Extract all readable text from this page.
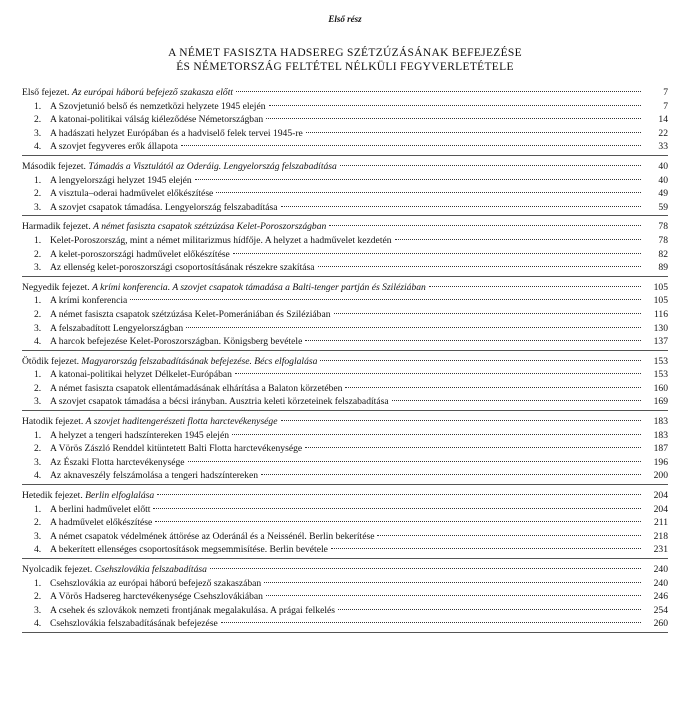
Első rész
A NÉMET FASISZTA HADSEREG SZÉTZÚZÁSÁNAK BEFEJEZÉSE
ÉS NÉMETORSZÁG FELTÉTEL NÉLKÜLI FEGYVERLETÉTELE
Első fejezet. Az európai háború befejező szakasza előtt	7
1. A Szovjetunió belső és nemzetközi helyzete 1945 elején	7
2. A katonai-politikai válság kiéleződése Németországban	14
3. A hadászati helyzet Európában és a hadviselő felek tervei 1945-re	22
4. A szovjet fegyveres erők állapota	33
Második fejezet. Támadás a Visztulától az Oderáig. Lengyelország felszabadítása	40
1. A lengyelországi helyzet 1945 elején	40
2. A visztula–oderai hadművelet előkészítése	49
3. A szovjet csapatok támadása. Lengyelország felszabadítása	59
Harmadik fejezet. A német fasiszta csapatok szétzúzása Kelet-Poroszországban	78
1. Kelet-Poroszország, mint a német militarizmus hídfője. A helyzet a hadművelet kezdetén	78
2. A kelet-poroszországi hadművelet előkészítése	82
3. Az ellenség kelet-poroszországi csoportosításának részekre szakítása	89
Negyedik fejezet. A krími konferencia. A szovjet csapatok támadása a Balti-tenger partján és Sziléziában	105
1. A krími konferencia	105
2. A német fasiszta csapatok szétzúzása Kelet-Pomerániában és Sziléziában	116
3. A felszabadított Lengyelországban	130
4. A harcok befejezése Kelet-Poroszországban. Königsberg bevétele	137
Ötödik fejezet. Magyarország felszabadításának befejezése. Bécs elfoglalása	153
1. A katonai-politikai helyzet Délkelet-Európában	153
2. A német fasiszta csapatok ellentámadásának elhárítása a Balaton körzetében	160
3. A szovjet csapatok támadása a bécsi irányban. Ausztria keleti körzeteinek felszabadítása	169
Hatodik fejezet. A szovjet haditengerészeti flotta harctevékenysége	183
1. A helyzet a tengeri hadszíntereken 1945 elején	183
2. A Vörös Zászló Renddel kitüntetett Balti Flotta harctevékenysége	187
3. Az Északi Flotta harctevékenysége	196
4. Az aknaveszély felszámolása a tengeri hadszíntereken	200
Hetedik fejezet. Berlin elfoglalása	204
1. A berlini hadművelet előtt	204
2. A hadművelet előkészítése	211
3. A német csapatok védelmének áttörése az Oderánál és a Neissénél. Berlin bekerítése	218
4. A bekerített ellenséges csoportosítások megsemmisítése. Berlin bevétele	231
Nyolcadik fejezet. Csehszlovákia felszabadítása	240
1. Csehszlovákia az európai háború befejező szakaszában	240
2. A Vörös Hadsereg harctevékenysége Csehszlovákiában	246
3. A csehek és szlovákok nemzeti frontjának megalakulása. A prágai felkelés	254
4. Csehszlovákia felszabadításának befejezése	260
